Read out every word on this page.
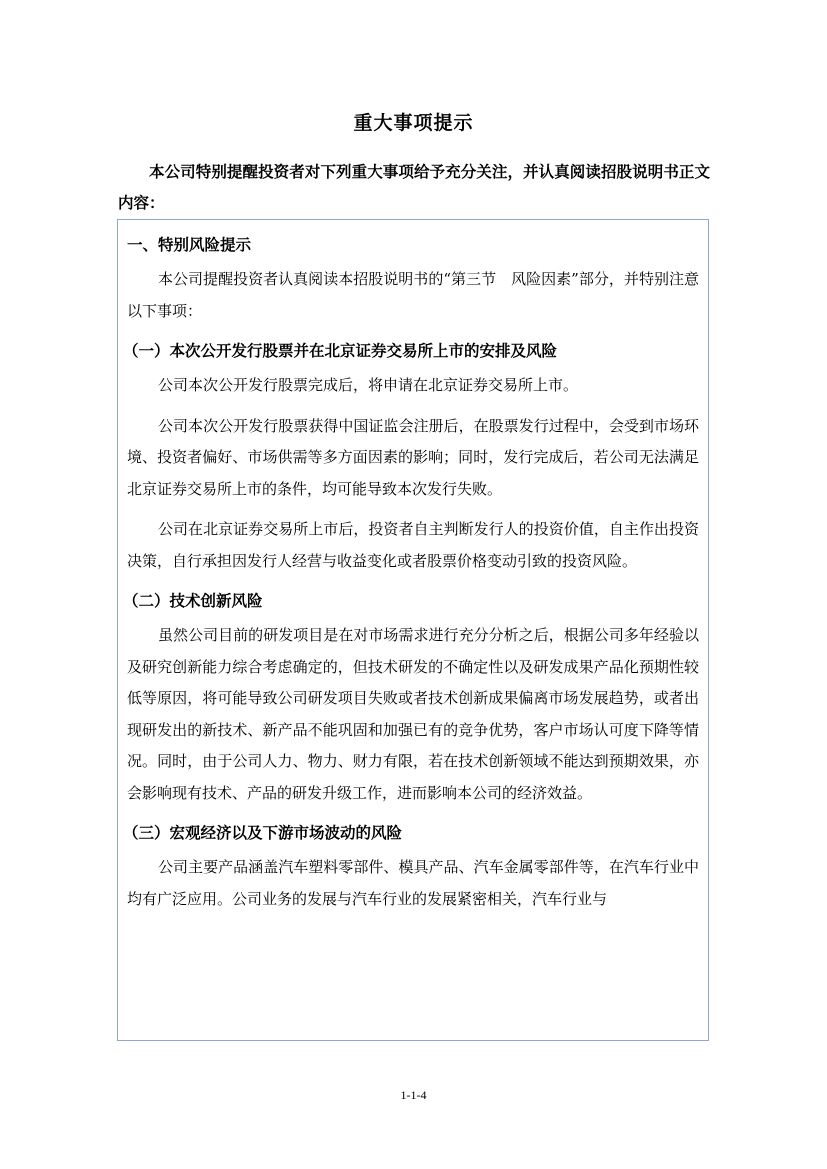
重大事项提示

本公司特别提醒投资者对下列重大事项给予充分关注，并认真阅读招股说明书正文内容：

一、特别风险提示

本公司提醒投资者认真阅读本招股说明书的“第三节　风险因素”部分，并特别注意以下事项：

（一）本次公开发行股票并在北京证券交易所上市的安排及风险

公司本次公开发行股票完成后，将申请在北京证券交易所上市。

公司本次公开发行股票获得中国证监会注册后，在股票发行过程中，会受到市场环境、投资者偏好、市场供需等多方面因素的影响；同时，发行完成后，若公司无法满足北京证券交易所上市的条件，均可能导致本次发行失败。

公司在北京证券交易所上市后，投资者自主判断发行人的投资价值，自主作出投资决策，自行承担因发行人经营与收益变化或者股票价格变动引致的投资风险。

（二）技术创新风险

虽然公司目前的研发项目是在对市场需求进行充分分析之后，根据公司多年经验以及研究创新能力综合考虑确定的，但技术研发的不确定性以及研发成果产品化预期性较低等原因，将可能导致公司研发项目失败或者技术创新成果偏离市场发展趋势，或者出现研发出的新技术、新产品不能巩固和加强已有的竞争优势，客户市场认可度下降等情况。同时，由于公司人力、物力、财力有限，若在技术创新领域不能达到预期效果，亦会影响现有技术、产品的研发升级工作，进而影响本公司的经济效益。

（三）宏观经济以及下游市场波动的风险

公司主要产品涵盖汽车塑料零部件、模具产品、汽车金属零部件等，在汽车行业中均有广泛应用。公司业务的发展与汽车行业的发展紧密相关，汽车行业与

1-1-4
